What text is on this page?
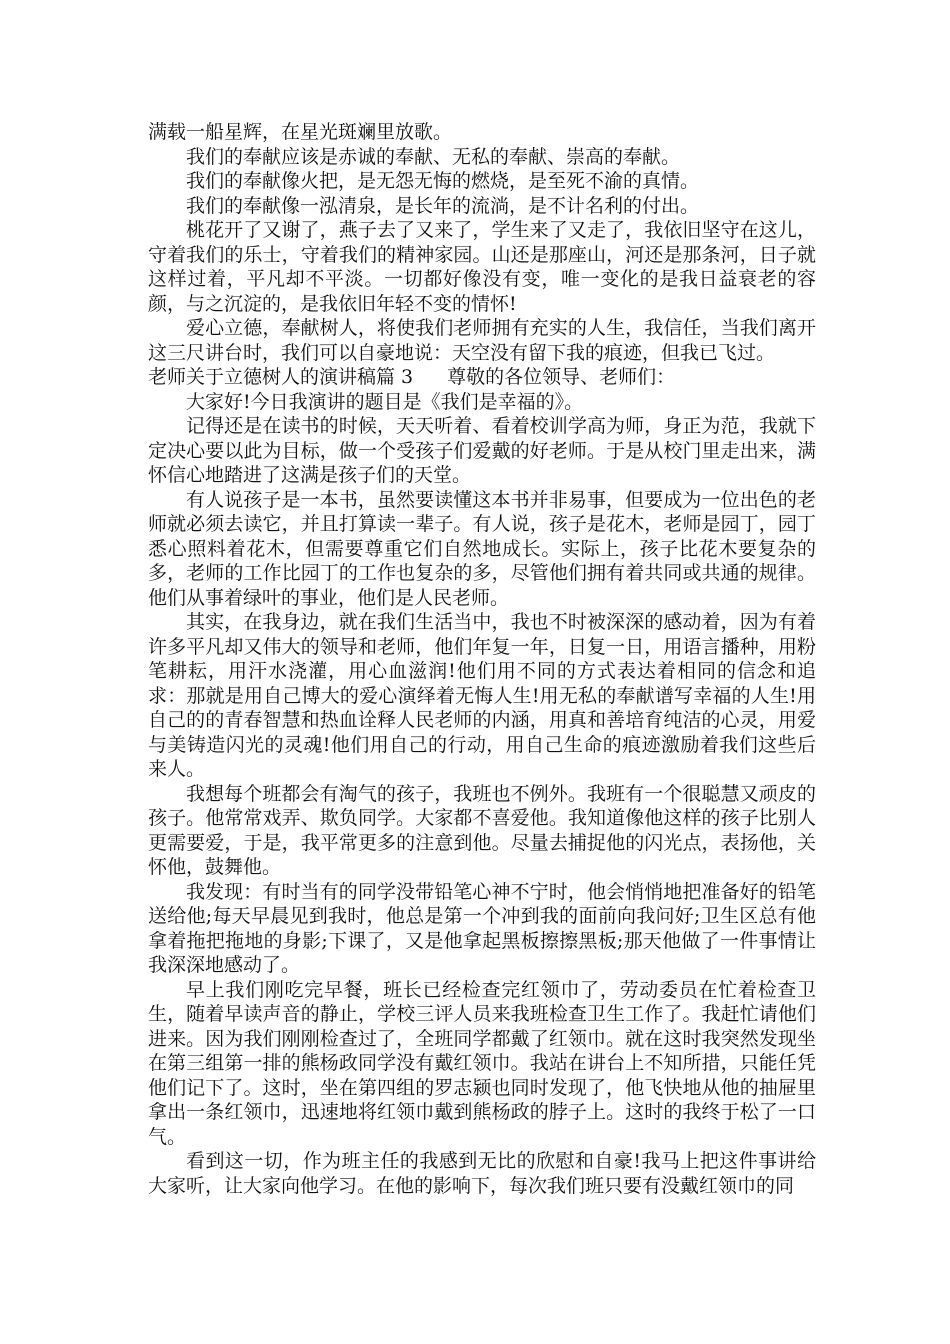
满载一船星辉，在星光斑斓里放歌。

我们的奉献应该是赤诚的奉献、无私的奉献、崇高的奉献。

我们的奉献像火把，是无怨无悔的燃烧，是至死不渝的真情。

我们的奉献像一泓清泉，是长年的流淌，是不计名利的付出。

桃花开了又谢了，燕子去了又来了，学生来了又走了，我依旧坚守在这儿，守着我们的乐士，守着我们的精神家园。山还是那座山，河还是那条河，日子就这样过着，平凡却不平淡。一切都好像没有变，唯一变化的是我日益衰老的容颜，与之沉淀的，是我依旧年轻不变的情怀!

爱心立德，奉献树人，将使我们老师拥有充实的人生，我信任，当我们离开这三尺讲台时，我们可以自豪地说：天空没有留下我的痕迹，但我已飞过。

老师关于立德树人的演讲稿篇 3 尊敬的各位领导、老师们：

大家好!今日我演讲的题目是《我们是幸福的》。

记得还是在读书的时候，天天听着、看着校训学高为师，身正为范，我就下定决心要以此为目标，做一个受孩子们爱戴的好老师。于是从校门里走出来，满怀信心地踏进了这满是孩子们的天堂。

有人说孩子是一本书，虽然要读懂这本书并非易事，但要成为一位出色的老师就必须去读它，并且打算读一辈子。有人说，孩子是花木，老师是园丁，园丁悉心照料着花木，但需要尊重它们自然地成长。实际上，孩子比花木要复杂的多，老师的工作比园丁的工作也复杂的多，尽管他们拥有着共同或共通的规律。他们从事着绿叶的事业，他们是人民老师。

其实，在我身边，就在我们生活当中，我也不时被深深的感动着，因为有着许多平凡却又伟大的领导和老师，他们年复一年，日复一日，用语言播种，用粉笔耕耘，用汗水浇灌，用心血滋润!他们用不同的方式表达着相同的信念和追求：那就是用自己博大的爱心演绎着无悔人生!用无私的奉献谱写幸福的人生!用自己的的青春智慧和热血诠释人民老师的内涵，用真和善培育纯洁的心灵，用爱与美铸造闪光的灵魂!他们用自己的行动，用自己生命的痕迹激励着我们这些后来人。

我想每个班都会有淘气的孩子，我班也不例外。我班有一个很聪慧又顽皮的孩子。他常常戏弄、欺负同学。大家都不喜爱他。我知道像他这样的孩子比别人更需要爱，于是，我平常更多的注意到他。尽量去捕捉他的闪光点，表扬他，关怀他，鼓舞他。

我发现：有时当有的同学没带铅笔心神不宁时，他会悄悄地把准备好的铅笔送给他;每天早晨见到我时，他总是第一个冲到我的面前向我问好;卫生区总有他拿着拖把拖地的身影;下课了，又是他拿起黑板擦擦黑板;那天他做了一件事情让我深深地感动了。

早上我们刚吃完早餐，班长已经检查完红领巾了，劳动委员在忙着检查卫生，随着早读声音的静止，学校三评人员来我班检查卫生工作了。我赶忙请他们进来。因为我们刚刚检查过了，全班同学都戴了红领巾。就在这时我突然发现坐在第三组第一排的熊杨政同学没有戴红领巾。我站在讲台上不知所措，只能任凭他们记下了。这时，坐在第四组的罗志颍也同时发现了，他飞快地从他的抽屉里拿出一条红领巾，迅速地将红领巾戴到熊杨政的脖子上。这时的我终于松了一口气。

看到这一切，作为班主任的我感到无比的欣慰和自豪!我马上把这件事讲给大家听，让大家向他学习。在他的影响下，每次我们班只要有没戴红领巾的同
